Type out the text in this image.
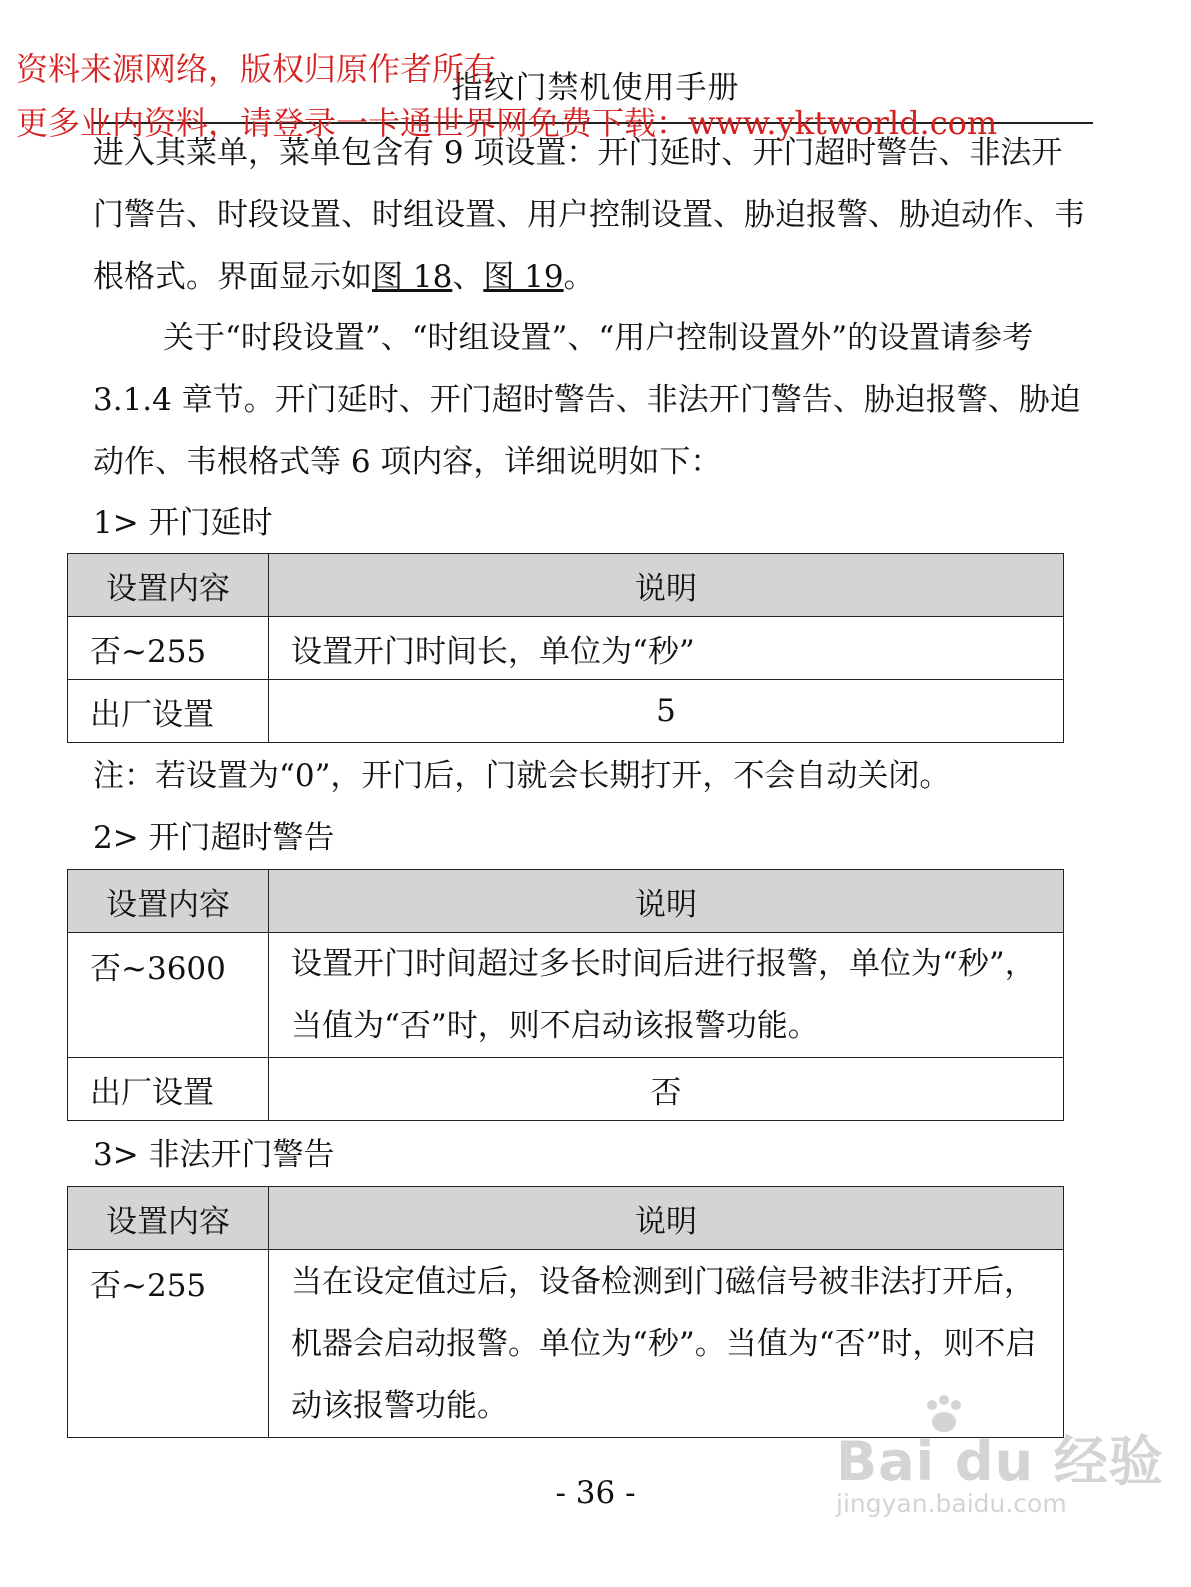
指纹门禁机使用手册
资料来源网络，版权归原作者所有
更多业内资料，请登录一卡通世界网免费下载：www.yktworld.com

进入其菜单，菜单包含有 9 项设置：开门延时、开门超时警告、非法开门警告、时段设置、时组设置、用户控制设置、胁迫报警、胁迫动作、韦根格式。界面显示如图 18、图 19。

关于“时段设置”、“时组设置”、“用户控制设置外”的设置请参考 3.1.4 章节。开门延时、开门超时警告、非法开门警告、胁迫报警、胁迫动作、韦根格式等 6 项内容，详细说明如下：

1> 开门延时
设置内容	说明
否~255	设置开门时间长，单位为“秒”
出厂设置	5
注：若设置为“0”，开门后，门就会长期打开，不会自动关闭。
2> 开门超时警告
设置内容	说明
否~3600	设置开门时间超过多长时间后进行报警，单位为“秒”，当值为“否”时，则不启动该报警功能。
出厂设置	否
3> 非法开门警告
设置内容	说明
否~255	当在设定值过后，设备检测到门磁信号被非法打开后，机器会启动报警。单位为“秒”。当值为“否”时，则不启动该报警功能。
Bai du 经验
jingyan.baidu.com
- 36 -
